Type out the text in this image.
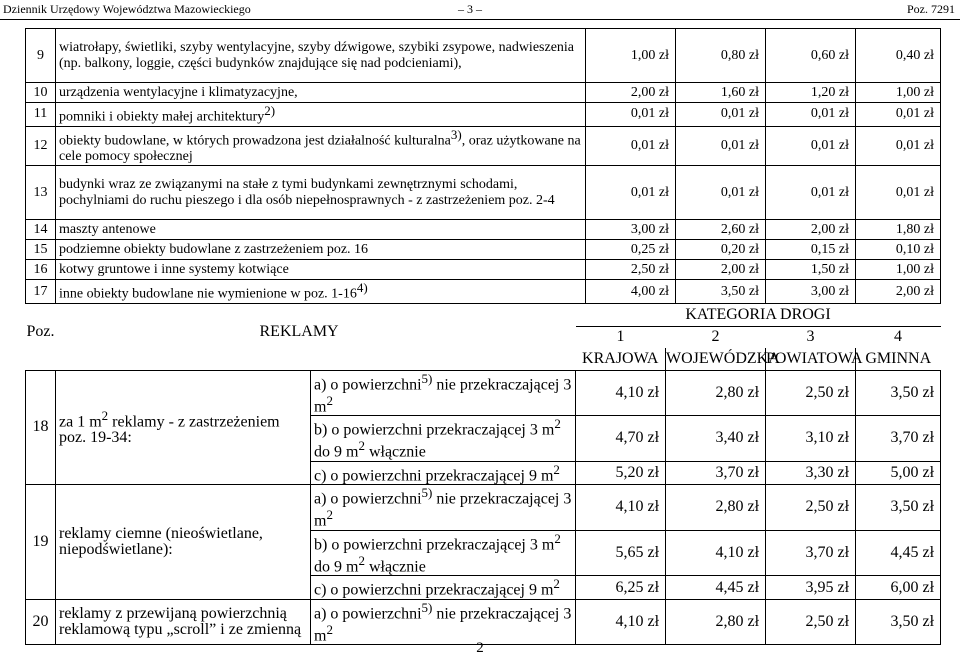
Dziennik Urzędowy Województwa Mazowieckiego	– 3 –	Poz. 7291
9	wiatrołapy, świetliki, szyby wentylacyjne, szyby dźwigowe, szybiki zsypowe, nadwieszenia (np. balkony, loggie, części budynków znajdujące się nad podcieniami),	1,00 zł	0,80 zł	0,60 zł	0,40 zł
10	urządzenia wentylacyjne i klimatyzacyjne,	2,00 zł	1,60 zł	1,20 zł	1,00 zł
11	pomniki i obiekty małej architektury$^{2)}$	0,01 zł	0,01 zł	0,01 zł	0,01 zł
12	obiekty budowlane, w których prowadzona jest działalność kulturalna$^{3)}$, oraz użytkowane na cele pomocy społecznej	0,01 zł	0,01 zł	0,01 zł	0,01 zł
13	budynki wraz ze związanymi na stałe z tymi budynkami zewnętrznymi schodami, pochylniami do ruchu pieszego i dla osób niepełnosprawnych - z zastrzeżeniem poz. 2-4	0,01 zł	0,01 zł	0,01 zł	0,01 zł
14	maszty antenowe	3,00 zł	2,60 zł	2,00 zł	1,80 zł
15	podziemne obiekty budowlane z zastrzeżeniem poz. 16	0,25 zł	0,20 zł	0,15 zł	0,10 zł
16	kotwy gruntowe i inne systemy kotwiące	2,50 zł	2,00 zł	1,50 zł	1,00 zł
17	inne obiekty budowlane nie wymienione w poz. 1-16$^{4)}$	4,00 zł	3,50 zł	3,00 zł	2,00 zł
Poz.	REKLAMY		KATEGORIA DROGI			
			1	2	3	4
			KRAJOWA	WOJEWÓDZKA	POWIATOWA	GMINNA
18	za 1 $m^2$ reklamy - z zastrzeżeniem poz. 19-34:	a) o powierzchni$^{5)}$ nie przekraczającej 3 $m^2$	4,10 zł	2,80 zł	2,50 zł	3,50 zł
		b) o powierzchni przekraczającej 3 $m^2$ do 9 $m^2$ włącznie	4,70 zł	3,40 zł	3,10 zł	3,70 zł
		c) o powierzchni przekraczającej 9 $m^2$	5,20 zł	3,70 zł	3,30 zł	5,00 zł
19	reklamy ciemne (nieoświetlane, niepodświetlane):	a) o powierzchni$^{5)}$ nie przekraczającej 3 $m^2$	4,10 zł	2,80 zł	2,50 zł	3,50 zł
		b) o powierzchni przekraczającej 3 $m^2$ do 9 $m^2$ włącznie	5,65 zł	4,10 zł	3,70 zł	4,45 zł
		c) o powierzchni przekraczającej 9 $m^2$	6,25 zł	4,45 zł	3,95 zł	6,00 zł
20	reklamy z przewijaną powierzchnią reklamową typu „scroll” i ze zmienną	a) o powierzchni$^{5)}$ nie przekraczającej 3 $m^2$	4,10 zł	2,80 zł	2,50 zł	3,50 zł
2
